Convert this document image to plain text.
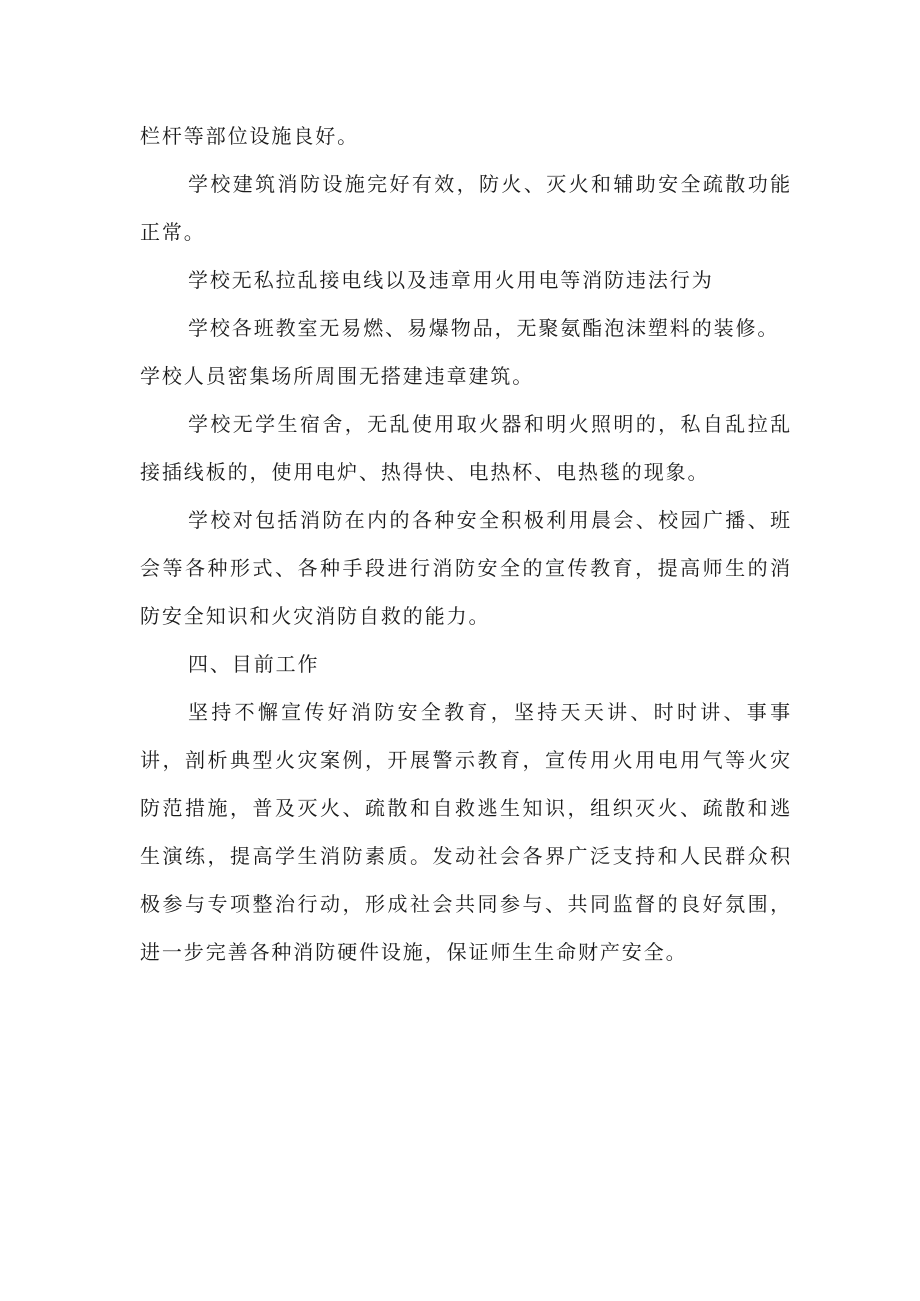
栏杆等部位设施良好。

学校建筑消防设施完好有效，防火、灭火和辅助安全疏散功能正常。

学校无私拉乱接电线以及违章用火用电等消防违法行为

学校各班教室无易燃、易爆物品，无聚氨酯泡沫塑料的装修。

学校人员密集场所周围无搭建违章建筑。

学校无学生宿舍，无乱使用取火器和明火照明的，私自乱拉乱接插线板的，使用电炉、热得快、电热杯、电热毯的现象。

学校对包括消防在内的各种安全积极利用晨会、校园广播、班会等各种形式、各种手段进行消防安全的宣传教育，提高师生的消防安全知识和火灾消防自救的能力。

四、目前工作

坚持不懈宣传好消防安全教育，坚持天天讲、时时讲、事事讲，剖析典型火灾案例，开展警示教育，宣传用火用电用气等火灾防范措施，普及灭火、疏散和自救逃生知识，组织灭火、疏散和逃生演练，提高学生消防素质。发动社会各界广泛支持和人民群众积极参与专项整治行动，形成社会共同参与、共同监督的良好氛围，进一步完善各种消防硬件设施，保证师生生命财产安全。
